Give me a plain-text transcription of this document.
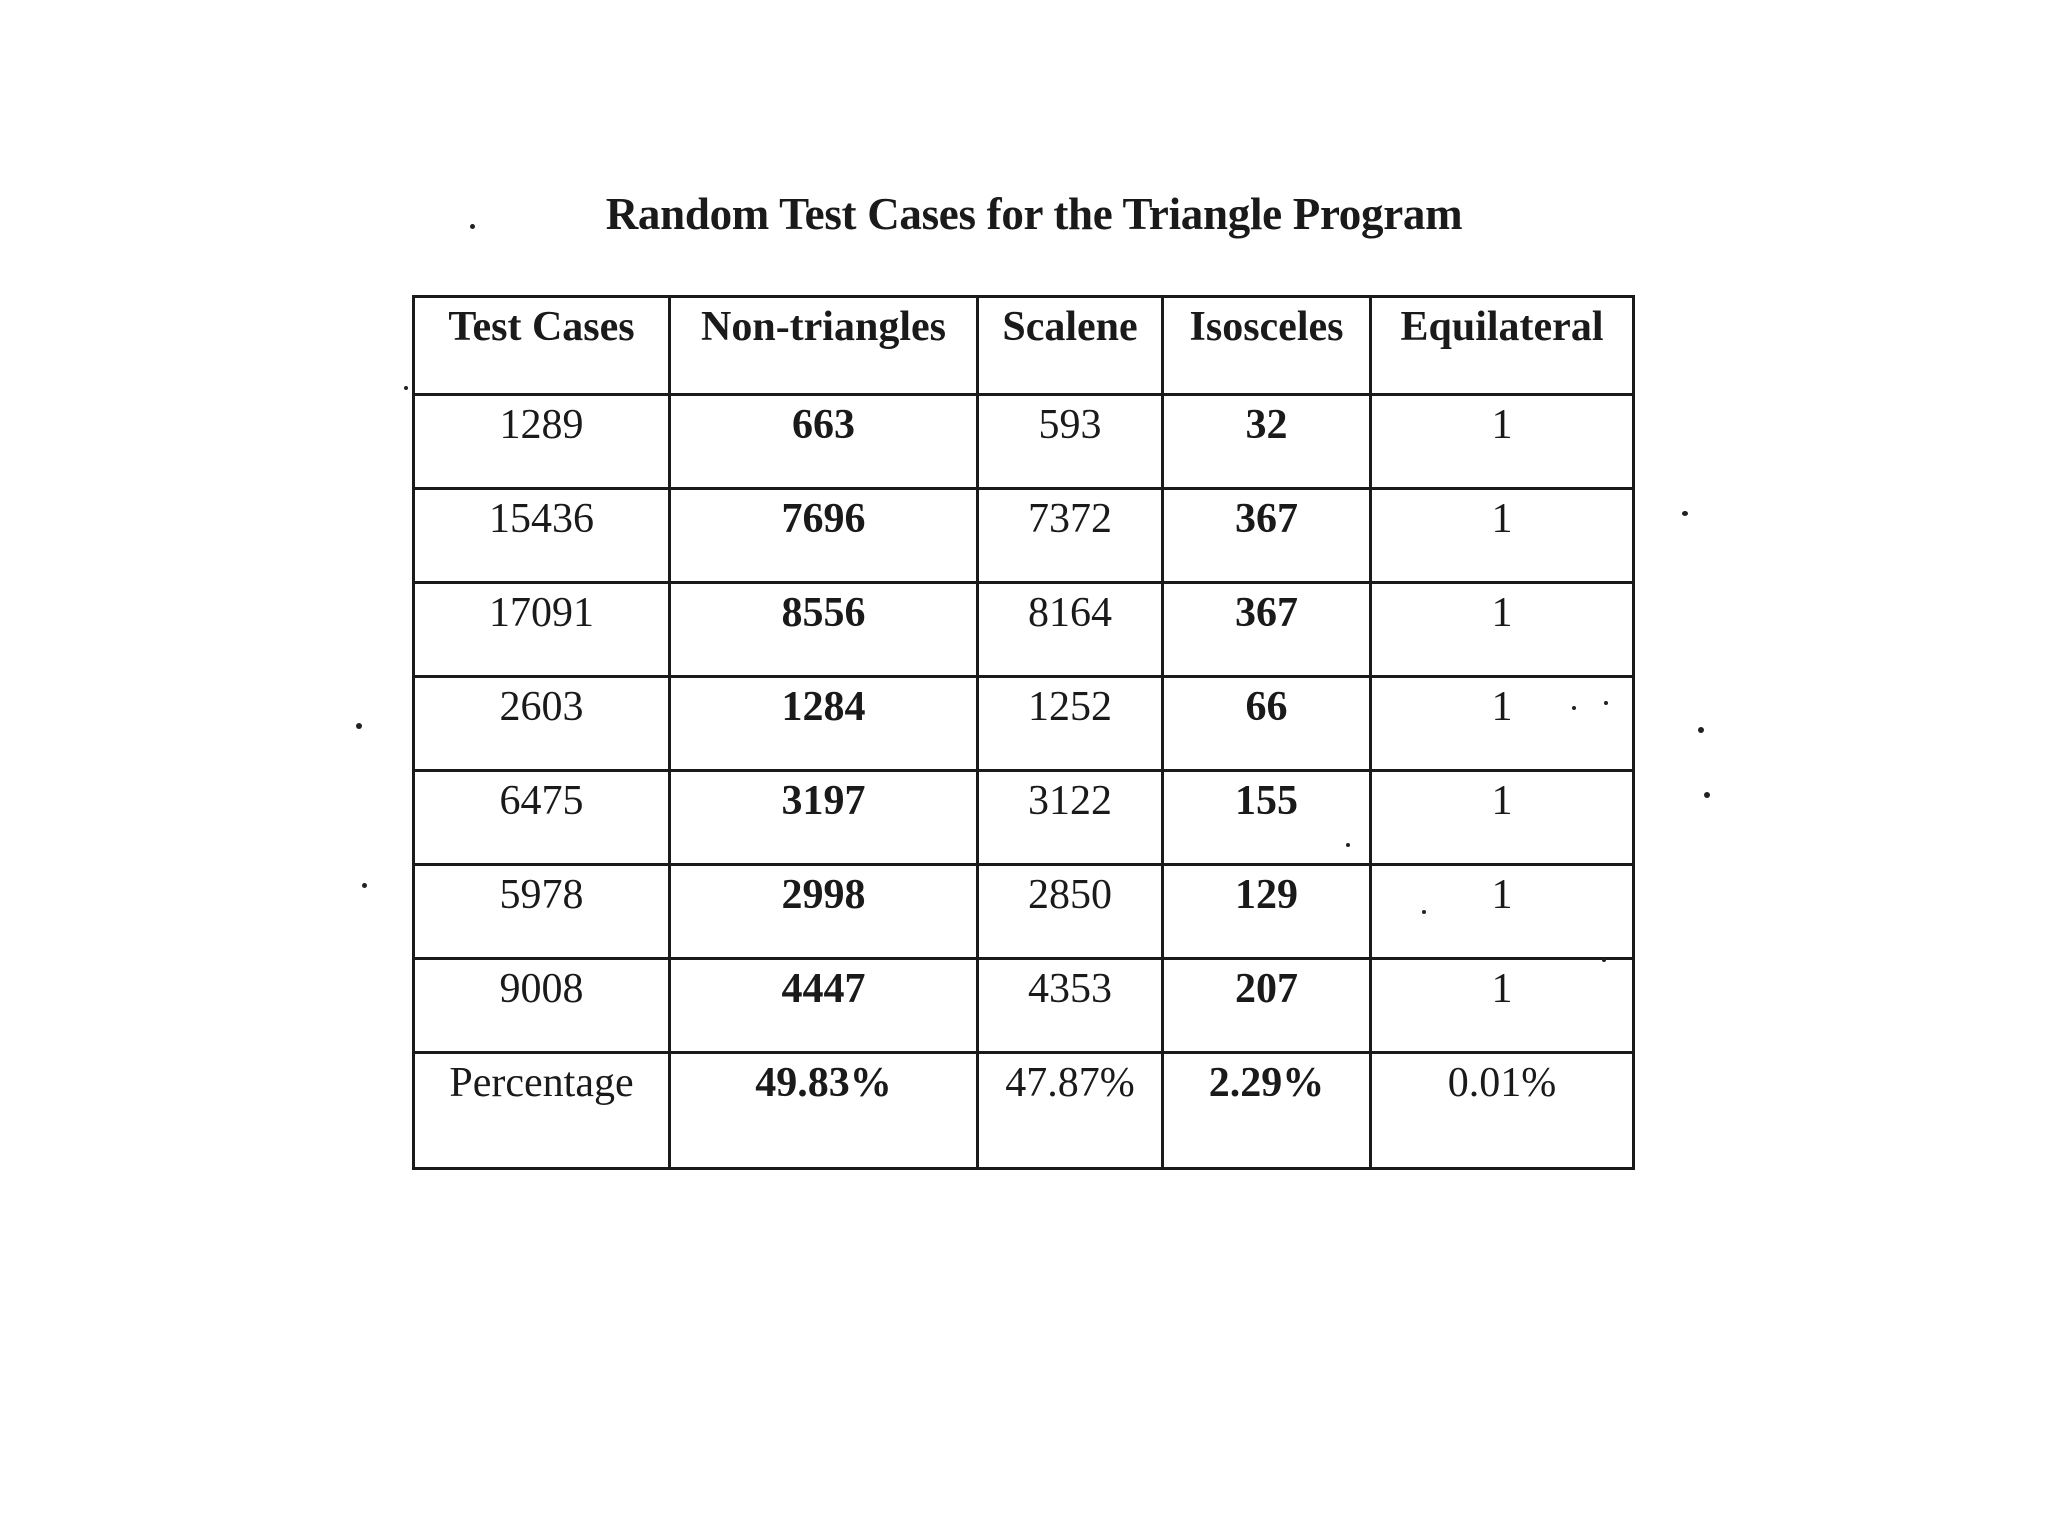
Random Test Cases for the Triangle Program
Test Cases	Non-triangles	Scalene	Isosceles	Equilateral
1289	663	593	32	1
15436	7696	7372	367	1
17091	8556	8164	367	1
2603	1284	1252	66	1
6475	3197	3122	155	1
5978	2998	2850	129	1
9008	4447	4353	207	1
Percentage	49.83%	47.87%	2.29%	0.01%
